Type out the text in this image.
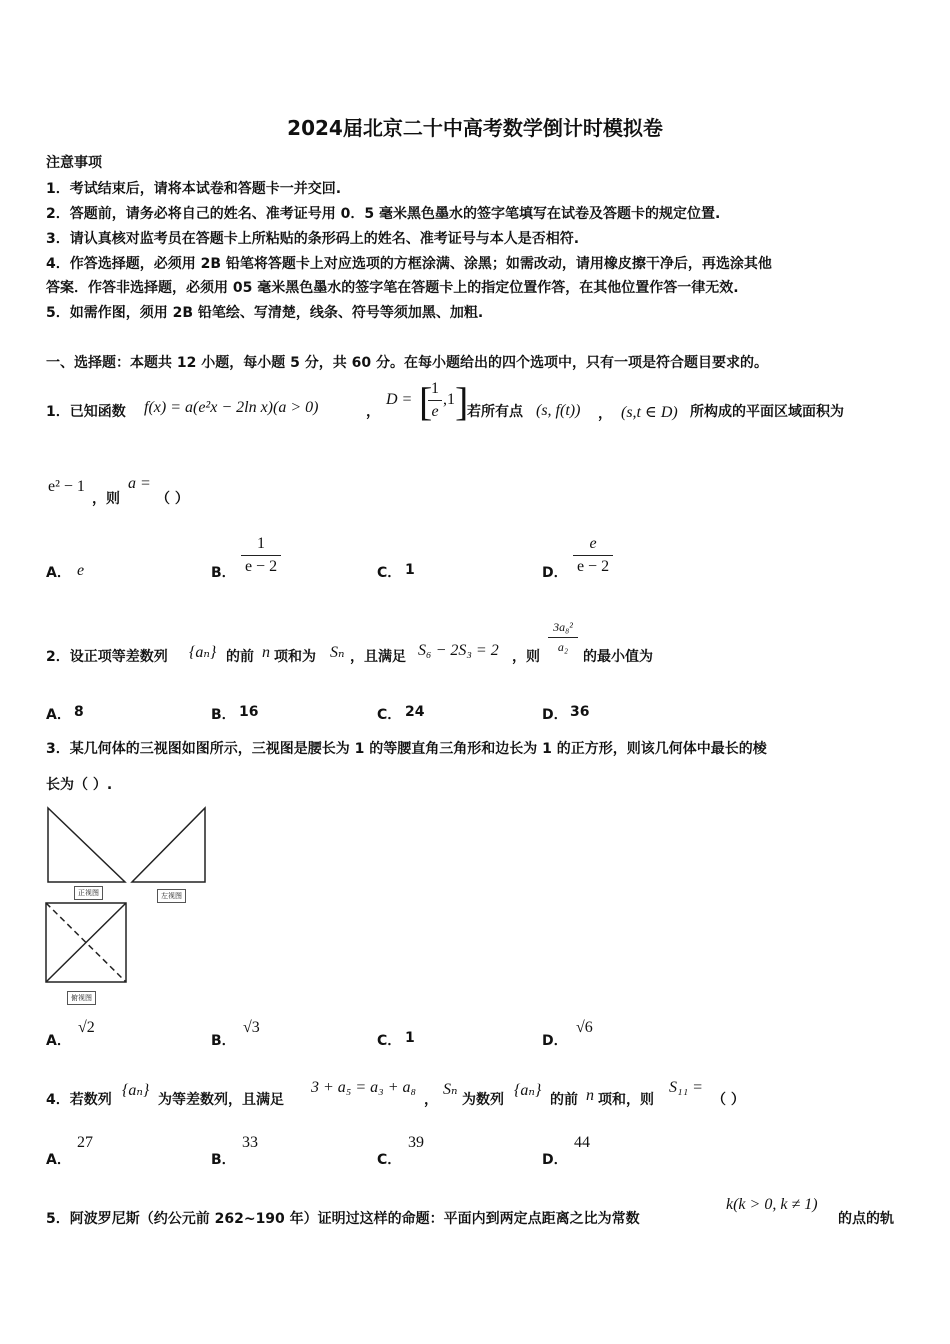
2024届北京二十中高考数学倒计时模拟卷
注意事项
1．考试结束后，请将本试卷和答题卡一并交回.
2．答题前，请务必将自己的姓名、准考证号用 0．5 毫米黑色墨水的签字笔填写在试卷及答题卡的规定位置.
3．请认真核对监考员在答题卡上所粘贴的条形码上的姓名、准考证号与本人是否相符.
4．作答选择题，必须用 2B 铅笔将答题卡上对应选项的方框涂满、涂黑；如需改动，请用橡皮擦干净后，再选涂其他
答案．作答非选择题，必须用 05 毫米黑色墨水的签字笔在答题卡上的指定位置作答，在其他位置作答一律无效.
5．如需作图，须用 2B 铅笔绘、写清楚，线条、符号等须加黑、加粗.
一、选择题：本题共 12 小题，每小题 5 分，共 60 分。在每小题给出的四个选项中，只有一项是符合题目要求的。
1．已知函数 f(x) = a(e²x − 2ln x)(a > 0)	，
D = [
1
e
,1 ]
若所有点 (s, f(t)) ， (s,t ∈ D) 所构成的平面区域面积为
e² − 1
，则
a =
（ ）
A． e	B．
1
e − 2	C． 1	D．
e
e − 2
2．设正项等差数列 {aₙ} 的前 n 项和为 Sₙ ，且满足 S₆ − 2S₃ = 2 ，则
3a₈²
a₂
的最小值为
A． 8	B． 16	C． 24	D． 36
3．某几何体的三视图如图所示，三视图是腰长为 1 的等腰直角三角形和边长为 1 的正方形，则该几何体中最长的棱
长为（ ）.
正视图	左视图
俯视图
A．
√2
B．
√3
C． 1	D．
√6
4．若数列
{aₙ}
为等差数列，且满足
3 + a₅ = a₃ + a₈
，
Sₙ
为数列
{aₙ}
的前 n 项和，则
S₁₁ =
（ ）
A．
27
B．
33
C．
39
D．
44
5．阿波罗尼斯（约公元前 262~190 年）证明过这样的命题：平面内到两定点距离之比为常数
k(k > 0, k ≠ 1)
的点的轨
